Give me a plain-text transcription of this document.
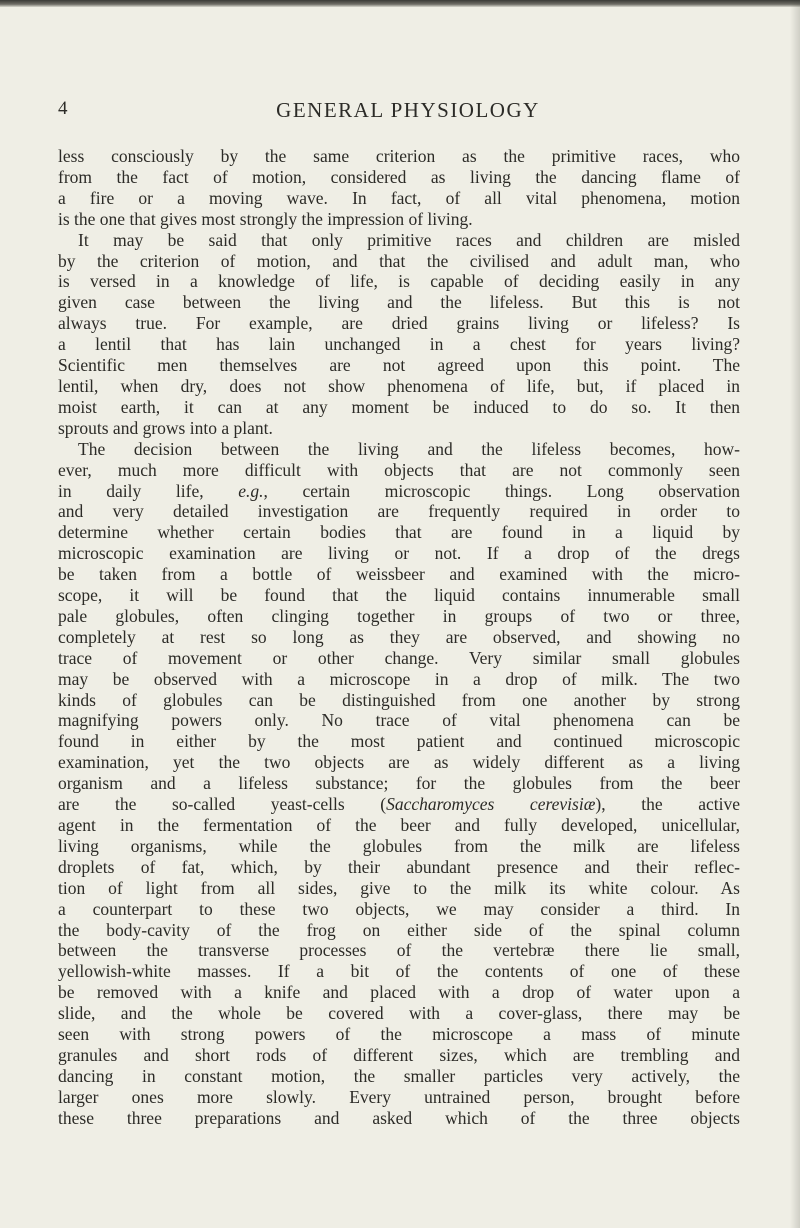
4	GENERAL PHYSIOLOGY
less consciously by the same criterion as the primitive races, who
from the fact of motion, considered as living the dancing flame of
a fire or a moving wave. In fact, of all vital phenomena, motion
is the one that gives most strongly the impression of living.
It may be said that only primitive races and children are misled
by the criterion of motion, and that the civilised and adult man, who
is versed in a knowledge of life, is capable of deciding easily in any
given case between the living and the lifeless. But this is not
always true. For example, are dried grains living or lifeless? Is
a lentil that has lain unchanged in a chest for years living?
Scientific men themselves are not agreed upon this point. The
lentil, when dry, does not show phenomena of life, but, if placed in
moist earth, it can at any moment be induced to do so. It then
sprouts and grows into a plant.
The decision between the living and the lifeless becomes, how-
ever, much more difficult with objects that are not commonly seen
in daily life, e.g., certain microscopic things. Long observation
and very detailed investigation are frequently required in order to
determine whether certain bodies that are found in a liquid by
microscopic examination are living or not. If a drop of the dregs
be taken from a bottle of weissbeer and examined with the micro-
scope, it will be found that the liquid contains innumerable small
pale globules, often clinging together in groups of two or three,
completely at rest so long as they are observed, and showing no
trace of movement or other change. Very similar small globules
may be observed with a microscope in a drop of milk. The two
kinds of globules can be distinguished from one another by strong
magnifying powers only. No trace of vital phenomena can be
found in either by the most patient and continued microscopic
examination, yet the two objects are as widely different as a living
organism and a lifeless substance; for the globules from the beer
are the so-called yeast-cells (Saccharomyces cerevisiæ), the active
agent in the fermentation of the beer and fully developed, unicellular,
living organisms, while the globules from the milk are lifeless
droplets of fat, which, by their abundant presence and their reflec-
tion of light from all sides, give to the milk its white colour. As
a counterpart to these two objects, we may consider a third. In
the body-cavity of the frog on either side of the spinal column
between the transverse processes of the vertebræ there lie small,
yellowish-white masses. If a bit of the contents of one of these
be removed with a knife and placed with a drop of water upon a
slide, and the whole be covered with a cover-glass, there may be
seen with strong powers of the microscope a mass of minute
granules and short rods of different sizes, which are trembling and
dancing in constant motion, the smaller particles very actively, the
larger ones more slowly. Every untrained person, brought before
these three preparations and asked which of the three objects
